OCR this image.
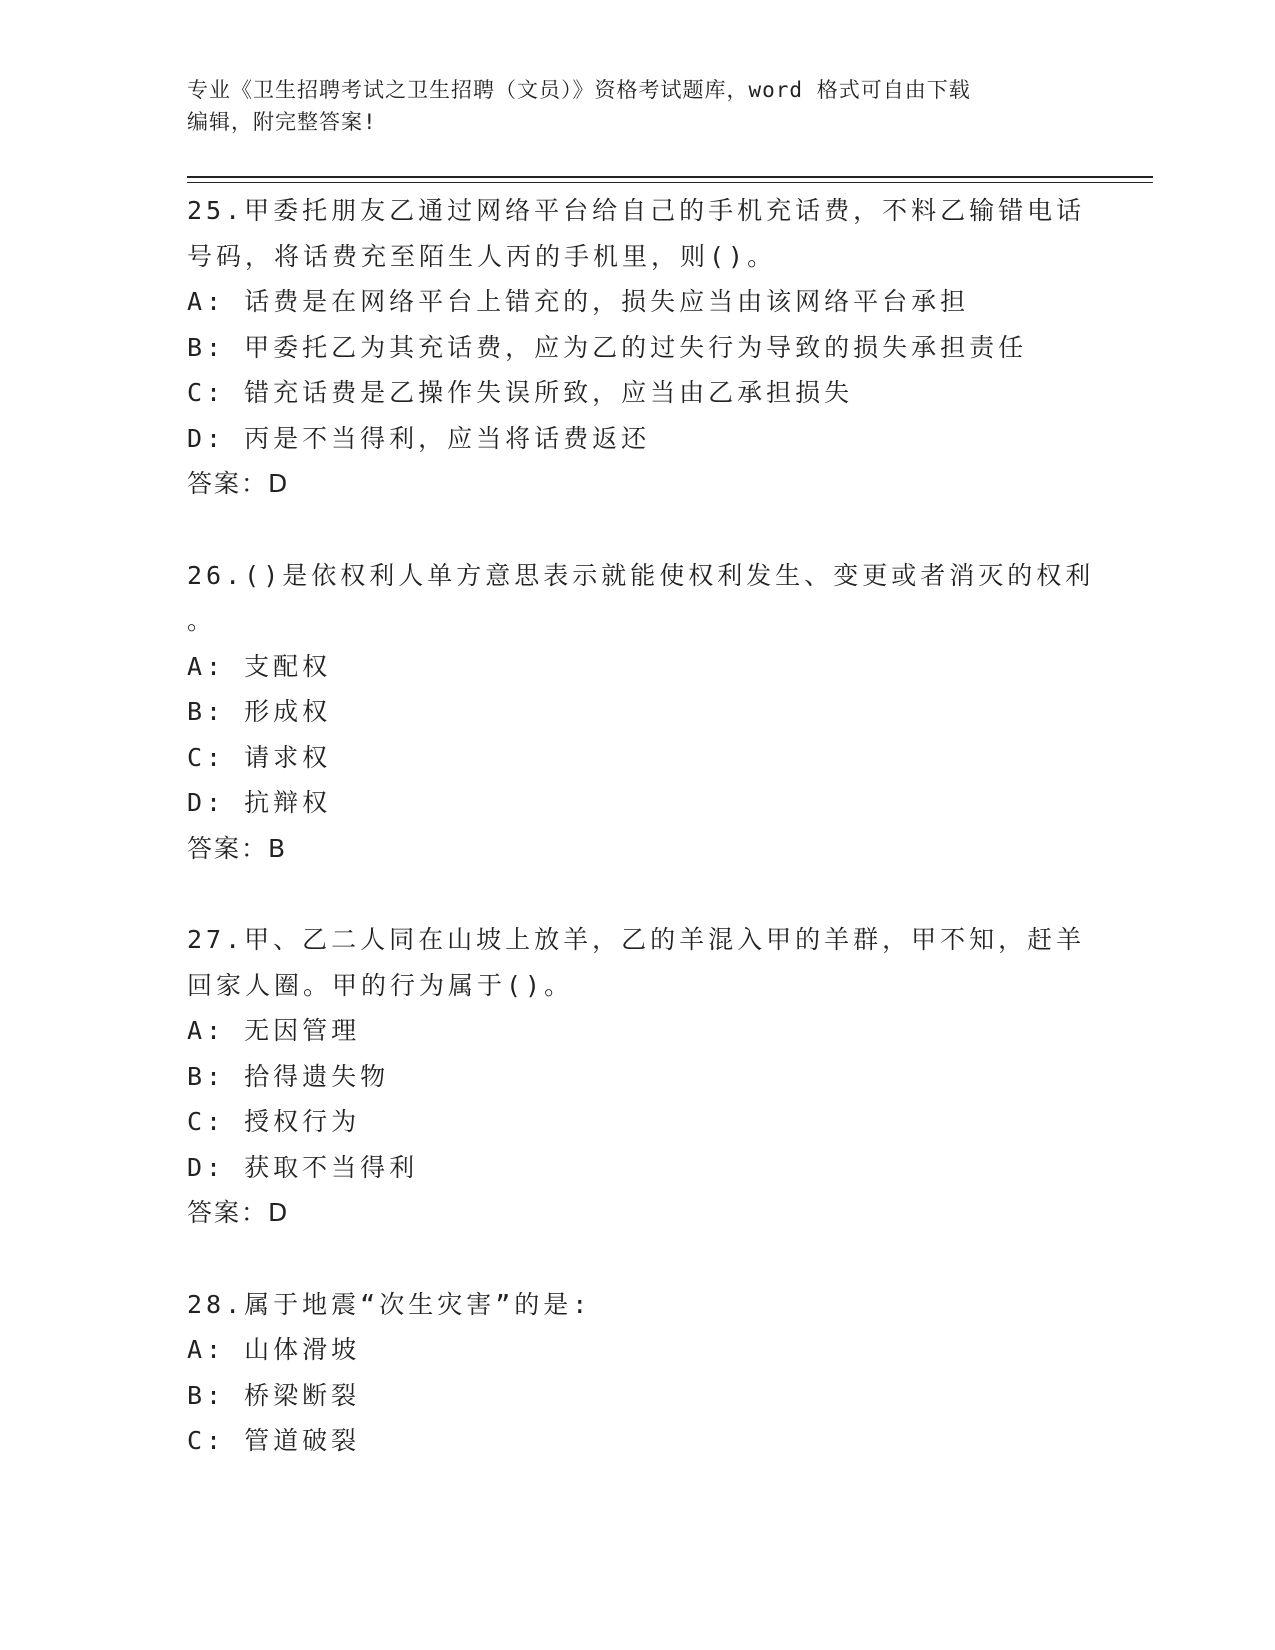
专业《卫生招聘考试之卫生招聘（文员）》资格考试题库，word 格式可自由下载
编辑，附完整答案!
25.甲委托朋友乙通过网络平台给自己的手机充话费，不料乙输错电话
号码，将话费充至陌生人丙的手机里，则()。
A: 话费是在网络平台上错充的，损失应当由该网络平台承担
B: 甲委托乙为其充话费，应为乙的过失行为导致的损失承担责任
C: 错充话费是乙操作失误所致，应当由乙承担损失
D: 丙是不当得利，应当将话费返还
答案：D
26.()是依权利人单方意思表示就能使权利发生、变更或者消灭的权利
。
A: 支配权
B: 形成权
C: 请求权
D: 抗辩权
答案：B
27.甲、乙二人同在山坡上放羊，乙的羊混入甲的羊群，甲不知，赶羊
回家人圈。甲的行为属于()。
A: 无因管理
B: 拾得遗失物
C: 授权行为
D: 获取不当得利
答案：D
28.属于地震“次生灾害”的是:
A: 山体滑坡
B: 桥梁断裂
C: 管道破裂
